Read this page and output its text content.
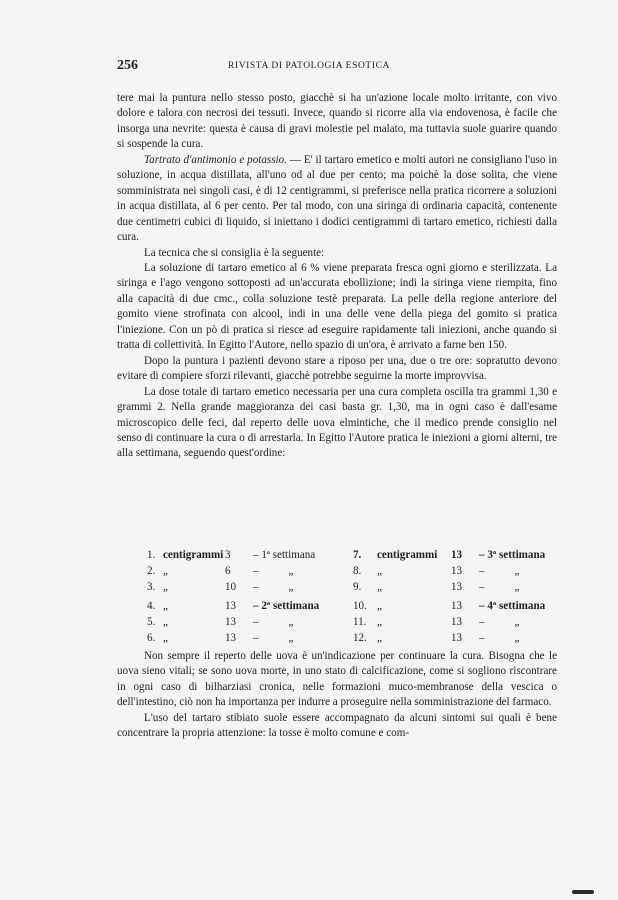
256	RIVISTA DI PATOLOGIA ESOTICA

tere mai la puntura nello stesso posto, giacchè si ha un'azione locale molto irritante, con vivo dolore e talora con necrosi dei tessuti. Invece, quando si ricorre alla via endovenosa, è facile che insorga una nevrite: questa è causa di gravi molestie pel malato, ma tuttavia suole guarire quando si sospende la cura.

Tartrato d'antimonio e potassio. — E' il tartaro emetico e molti autori ne consigliano l'uso in soluzione, in acqua distillata, all'uno od al due per cento; ma poichè la dose solita, che viene somministrata nei singoli casi, è di 12 centigrammi, si preferisce nella pratica ricorrere a soluzioni in acqua distillata, al 6 per cento. Per tal modo, con una siringa di ordinaria capacità, contenente due centimetri cubici di liquido, si iniettano i dodici centigrammi di tartaro emetico, richiesti dalla cura.

La tecnica che si consiglia è la seguente:

La soluzione di tartaro emetico al 6 % viene preparata fresca ogni giorno e sterilizzata. La siringa e l'ago vengono sottoposti ad un'accurata ebollizione; indi la siringa viene riempita, fino alla capacità di due cmc., colla soluzione testè preparata. La pelle della regione anteriore del gomito viene strofinata con alcool, indi in una delle vene della piega del gomito si pratica l'iniezione. Con un pò di pratica si riesce ad eseguire rapidamente tali iniezioni, anche quando si tratta di collettività. In Egitto l'Autore, nello spazio di un'ora, è arrivato a farne ben 150.

Dopo la puntura i pazienti devono stare a riposo per una, due o tre ore: sopratutto devono evitare di compiere sforzi rilevanti, giacchè potrebbe seguirne la morte improvvisa.

La dose totale di tartaro emetico necessaria per una cura completa oscilla tra grammi 1,30 e grammi 2. Nella grande maggioranza dei casi basta gr. 1,30, ma in ogni caso è dall'esame microscopico delle feci, dal reperto delle uova elmintiche, che il medico prende consiglio nel senso di continuare la cura o di arrestarla. In Egitto l'Autore pratica le iniezioni a giorni alterni, tre alla settimana, seguendo quest'ordine:

1. centigrammi 3	– 1ª settimana	7.	centigrammi	13	– 3ª settimana
2. „	6	–	„	8.	„	13	–	„
3. „	10	–	„	9.	„	13	–	„
4. „	13	– 2ª settimana	10. „	13	– 4ª settimana
5. „	13	–	„	11. „	13	–	„
6. „	13	–	„	12. „	13	–	„

Non sempre il reperto delle uova è un'indicazione per continuare la cura. Bisogna che le uova sieno vitali; se sono uova morte, in uno stato di calcificazione, come si sogliono riscontrare in ogni caso di bilharziasi cronica, nelle formazioni muco-membranose della vescica o dell'intestino, ciò non ha importanza per indurre a proseguire nella somministrazione del farmaco.

L'uso del tartaro stibiato suole essere accompagnato da alcuni sintomi sui quali è bene concentrare la propria attenzione: la tosse è molto comune e com-
